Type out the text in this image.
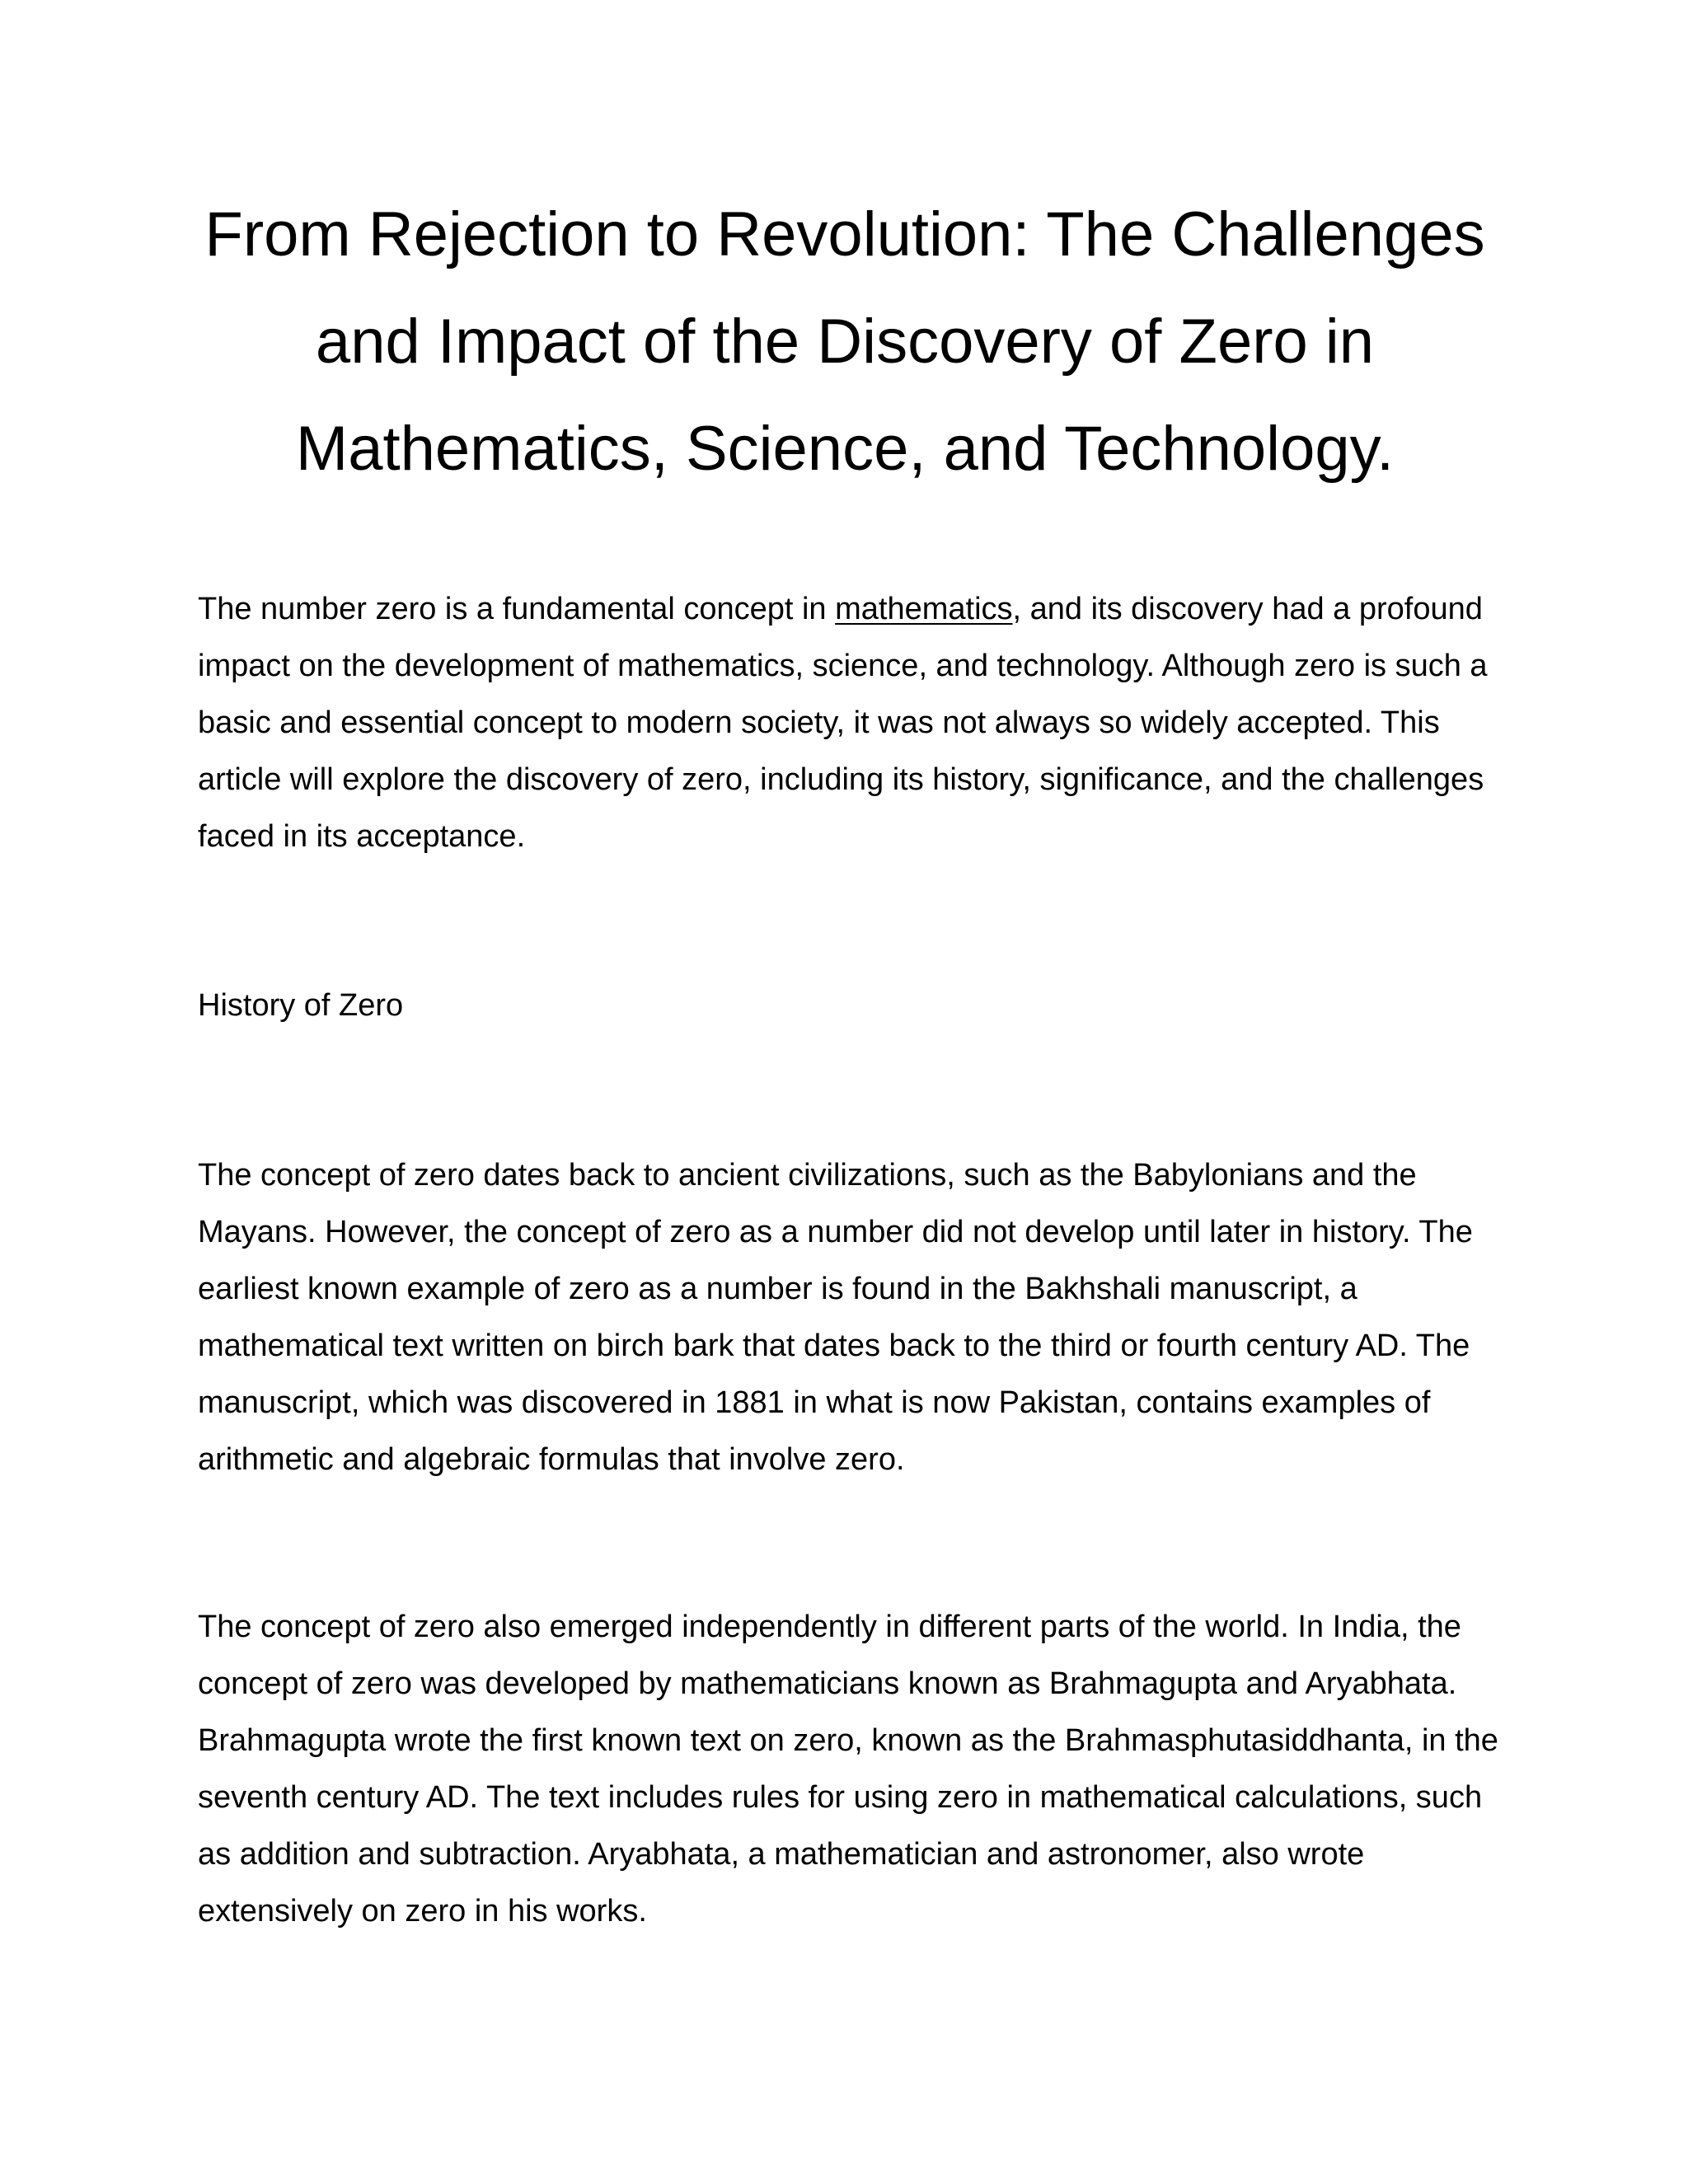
From Rejection to Revolution: The Challenges and Impact of the Discovery of Zero in Mathematics, Science, and Technology.

The number zero is a fundamental concept in mathematics, and its discovery had a profound impact on the development of mathematics, science, and technology. Although zero is such a basic and essential concept to modern society, it was not always so widely accepted. This article will explore the discovery of zero, including its history, significance, and the challenges faced in its acceptance.

History of Zero

The concept of zero dates back to ancient civilizations, such as the Babylonians and the Mayans. However, the concept of zero as a number did not develop until later in history. The earliest known example of zero as a number is found in the Bakhshali manuscript, a mathematical text written on birch bark that dates back to the third or fourth century AD. The manuscript, which was discovered in 1881 in what is now Pakistan, contains examples of arithmetic and algebraic formulas that involve zero.

The concept of zero also emerged independently in different parts of the world. In India, the concept of zero was developed by mathematicians known as Brahmagupta and Aryabhata. Brahmagupta wrote the first known text on zero, known as the Brahmasphutasiddhanta, in the seventh century AD. The text includes rules for using zero in mathematical calculations, such as addition and subtraction. Aryabhata, a mathematician and astronomer, also wrote extensively on zero in his works.
